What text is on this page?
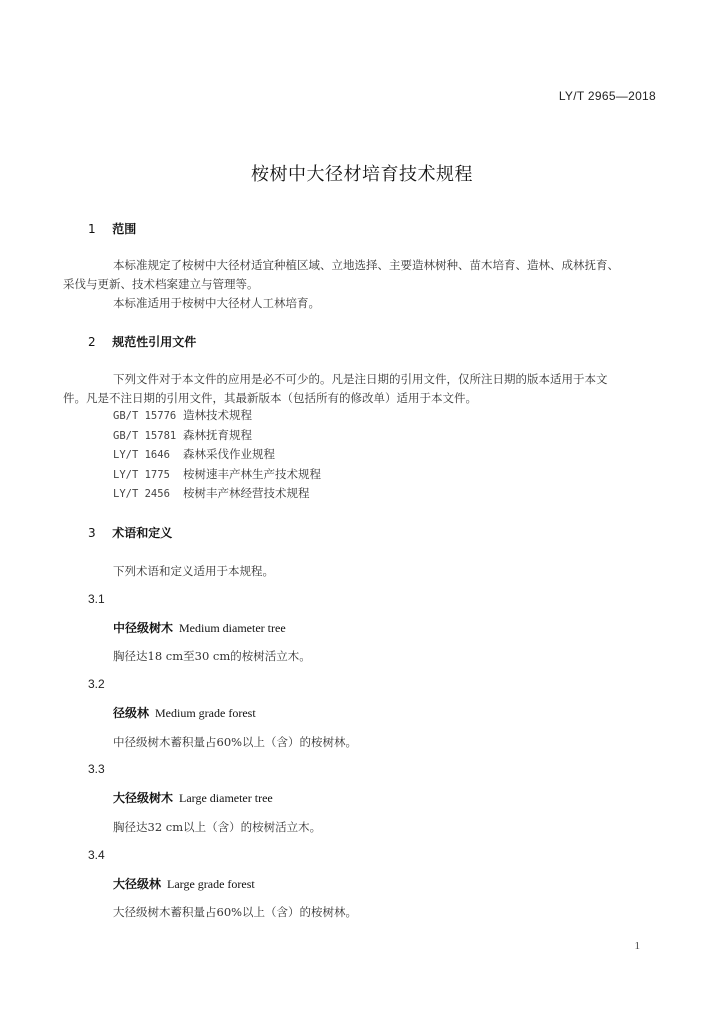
LY/T 2965—2018
桉树中大径材培育技术规程
1 范围
本标准规定了桉树中大径材适宜种植区域、立地选择、主要造林树种、苗木培育、造林、成林抚育、
采伐与更新、技术档案建立与管理等。
本标准适用于桉树中大径材人工林培育。
2 规范性引用文件
下列文件对于本文件的应用是必不可少的。凡是注日期的引用文件，仅所注日期的版本适用于本文
件。凡是不注日期的引用文件，其最新版本（包括所有的修改单）适用于本文件。
GB/T 15776 造林技术规程
GB/T 15781 森林抚育规程
LY/T 1646 森林采伐作业规程
LY/T 1775 桉树速丰产林生产技术规程
LY/T 2456 桉树丰产林经营技术规程
3 术语和定义
下列术语和定义适用于本规程。
3.1
中径级树木 Medium diameter tree
胸径达18 cm至30 cm的桉树活立木。
3.2
径级林 Medium grade forest
中径级树木蓄积量占60%以上（含）的桉树林。
3.3
大径级树木 Large diameter tree
胸径达32 cm以上（含）的桉树活立木。
3.4
大径级林 Large grade forest
大径级树木蓄积量占60%以上（含）的桉树林。
1
